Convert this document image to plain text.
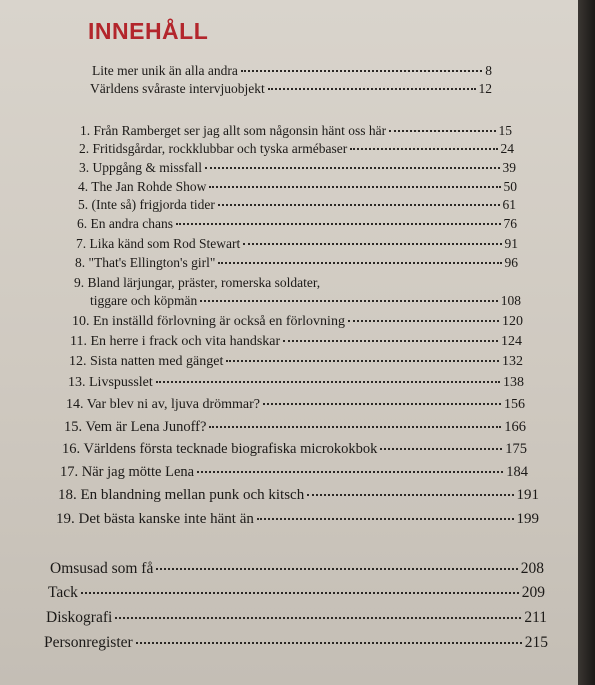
INNEHÅLL
Lite mer unik än alla andra	8
Världens svåraste intervjuobjekt	12
1. Från Ramberget ser jag allt som någonsin hänt oss här	15
2. Fritidsgårdar, rockklubbar och tyska armébaser	24
3. Uppgång & missfall	39
4. The Jan Rohde Show	50
5. (Inte så) frigjorda tider	61
6. En andra chans	76
7. Lika känd som Rod Stewart	91
8. "That's Ellington's girl"	96
9. Bland lärjungar, präster, romerska soldater,
tiggare och köpmän	108
10. En inställd förlovning är också en förlovning	120
11. En herre i frack och vita handskar	124
12. Sista natten med gänget	132
13. Livspusslet	138
14. Var blev ni av, ljuva drömmar?	156
15. Vem är Lena Junoff?	166
16. Världens första tecknade biografiska microkokbok	175
17. När jag mötte Lena	184
18. En blandning mellan punk och kitsch	191
19. Det bästa kanske inte hänt än	199
Omsusad som få	208
Tack	209
Diskografi	211
Personregister	215
